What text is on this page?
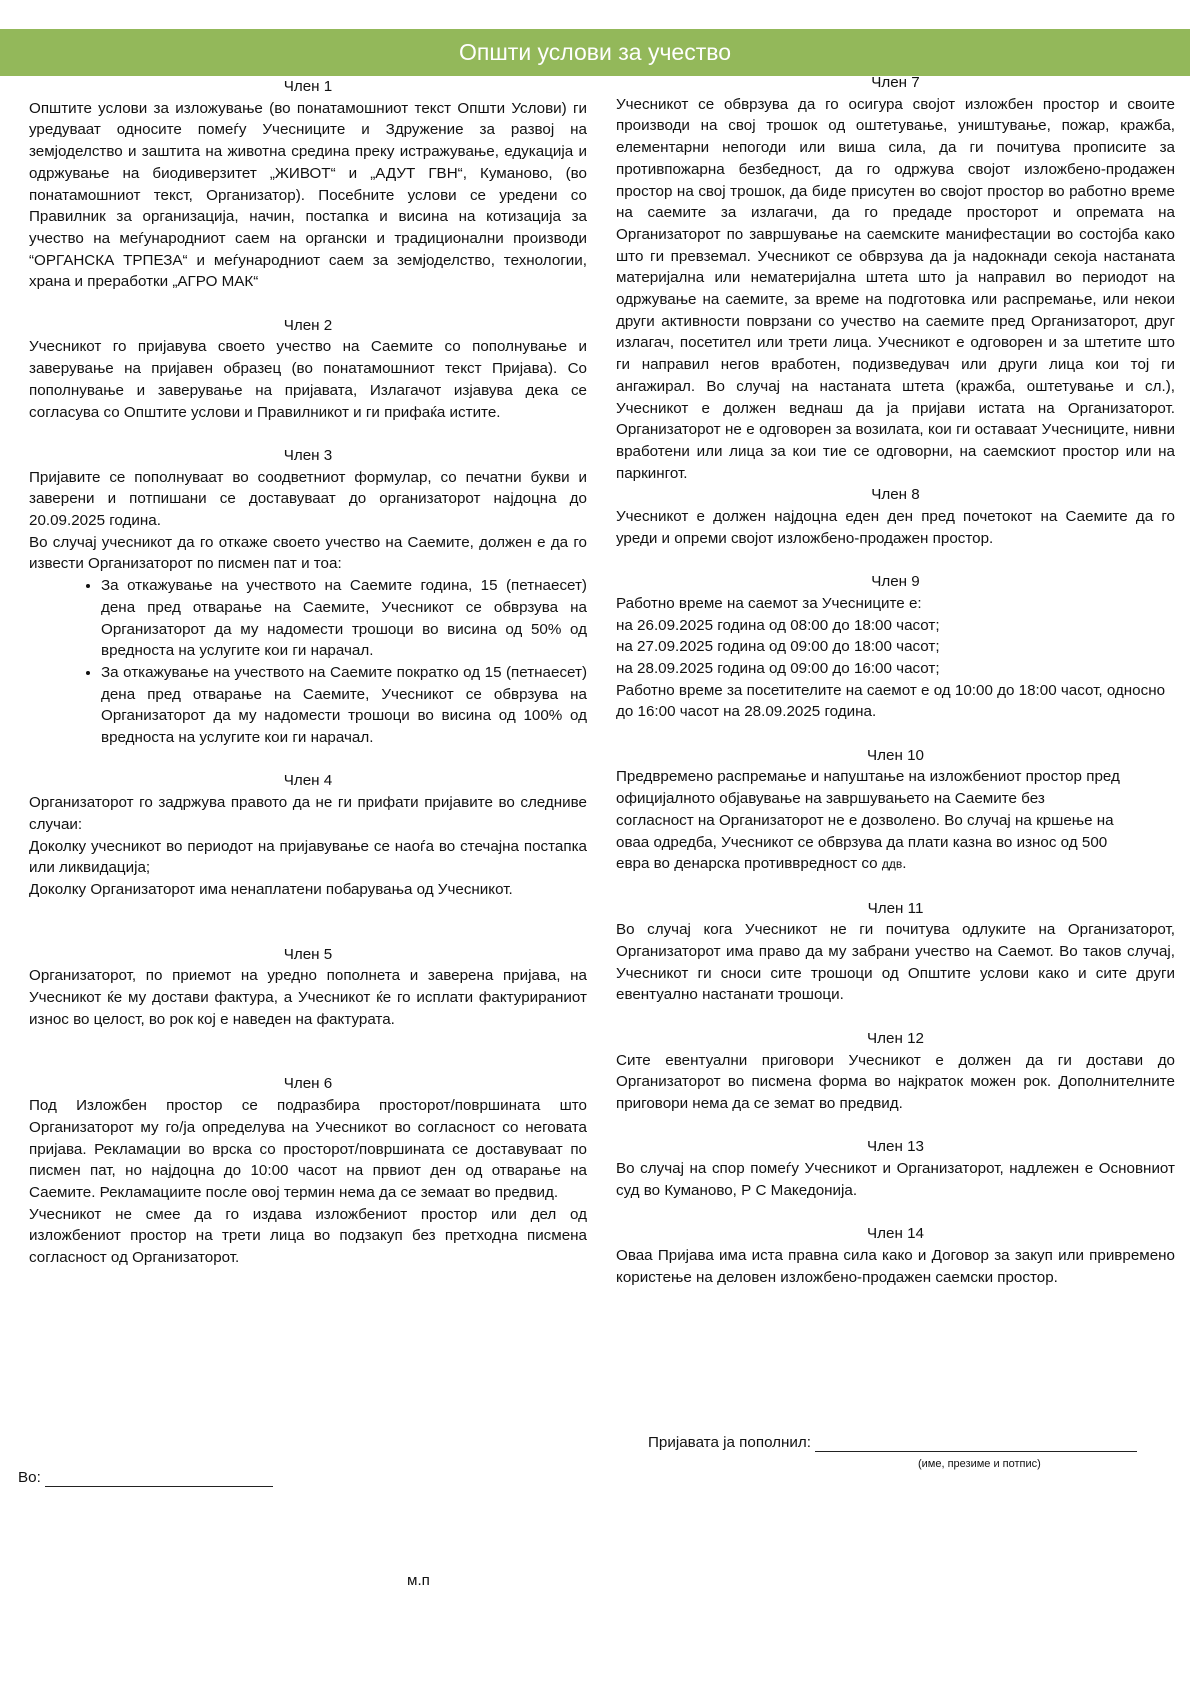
Општи услови за учество
Член 1

Општите услови за изложување (во понатамошниот текст Општи Услови) ги уредуваат односите помеѓу Учесниците и Здружение за развој на земјоделство и заштита на животна средина преку истражување, едукација и одржување на биодиверзитет „ЖИВОТ“ и „АДУТ ГВН“, Куманово, (во понатамошниот текст, Организатор). Посебните услови се уредени со Правилник за организација, начин, постапка и висина на котизација за учество на меѓународниот саем на органски и традиционални производи “ОРГАНСКА ТРПЕЗА“ и меѓународниот саем за земјоделство, технологии, храна и преработки „АГРО МАК“

Член 2

Учесникот го пријавува своето учество на Саемите со пополнување и заверување на пријавен образец (во понатамошниот текст Пријава). Со пополнување и заверување на пријавата, Излагачот изјавува дека се согласува со Општите услови и Правилникот и ги прифаќа истите.

Член 3

Пријавите се пополнуваат во соодветниот формулар, со печатни букви и заверени и потпишани се доставуваат до организаторот најдоцна до 20.09.2025 година.

Во случај учесникот да го откаже своето учество на Саемите, должен е да го извести Организаторот по писмен пат и тоа:

• За откажување на учеството на Саемите година, 15 (петнаесет) дена пред отварање на Саемите, Учесникот се обврзува на Организаторот да му надомести трошоци во висина од 50% од вредноста на услугите кои ги нарачал.
• За откажување на учеството на Саемите пократко од 15 (петнаесет) дена пред отварање на Саемите, Учесникот се обврзува на Организаторот да му надомести трошоци во висина од 100% од вредноста на услугите кои ги нарачал.
Член 4

Организаторот го задржува правото да не ги прифати пријавите во следниве случаи:

Доколку учесникот во периодот на пријавување се наоѓа во стечајна постапка или ликвидација;

Доколку Организаторот има ненаплатени побарувања од Учесникот.

Член 5

Организаторот, по приемот на уредно пополнета и заверена пријава, на Учесникот ќе му достави фактура, а Учесникот ќе го исплати фактурираниот износ во целост, во рок кој е наведен на фактурата.

Член 6

Под Изложбен простор се подразбира просторот/површината што Организаторот му го/ја определува на Учесникот во согласност со неговата пријава. Рекламации во врска со просторот/површината се доставуваат по писмен пат, но најдоцна до 10:00 часот на првиот ден од отварање на Саемите. Рекламациите после овој термин нема да се земаат во предвид.

Учесникот не смее да го издава изложбениот простор или дел од изложбениот простор на трети лица во подзакуп без претходна писмена согласност од Организаторот.

Член 7

Учесникот се обврзува да го осигура својот изложбен простор и своите производи на свој трошок од оштетување, уништување, пожар, кражба, елементарни непогоди или виша сила, да ги почитува прописите за противпожарна безбедност, да го одржува својот изложбено-продажен простор на свој трошок, да биде присутен во својот простор во работно време на саемите за излагачи, да го предаде просторот и опремата на Организаторот по завршување на саемските манифестации во состојба како што ги превземал. Учесникот се обврзува да ја надокнади секоја настаната материјална или нематеријална штета што ја направил во периодот на одржување на саемите, за време на подготовка или распремање, или некои други активности поврзани со учество на саемите пред Организаторот, друг излагач, посетител или трети лица. Учесникот е одговорен и за штетите што ги направил негов вработен, подизведувач или други лица кои тој ги ангажирал. Во случај на настаната штета (кражба, оштетување и сл.), Учесникот е должен веднаш да ја пријави истата на Организаторот. Организаторот не е одговорен за возилата, кои ги оставаат Учесниците, нивни вработени или лица за кои тие се одговорни, на саемскиот простор или на паркингот.

Член 8

Учесникот е должен најдоцна еден ден пред почетокот на Саемите да го уреди и опреми својот изложбено-продажен простор.

Член 9

Работно време на саемот за Учесниците е:

на 26.09.2025 година од 08:00 до 18:00 часот;

на 27.09.2025 година од 09:00 до 18:00 часот;

на 28.09.2025 година од 09:00 до 16:00 часот;

Работно време за посетителите на саемот е од 10:00 до 18:00 часот, односно до 16:00 часот на 28.09.2025 година.

Член 10

Предвремено распремање и напуштање на изложбениот простор пред

официјалното објавување на завршувањето на Саемите без

согласност на Организаторот не е дозволено. Во случај на кршење на

оваа одредба, Учесникот се обврзува да плати казна во износ од 500

евра во денарска противвредност со ддв.

Член 11

Во случај кога Учесникот не ги почитува одлуките на Организаторот, Организаторот има право да му забрани учество на Саемот. Во таков случај, Учесникот ги сноси сите трошоци од Општите услови како и сите други евентуално настанати трошоци.

Член 12

Сите евентуални приговори Учесникот е должен да ги достави до Организаторот во писмена форма во најкраток можен рок. Дополнителните приговори нема да се земат во предвид.

Член 13

Во случај на спор помеѓу Учесникот и Организаторот, надлежен е Основниот суд во Куманово, Р С Македонија.

Член 14

Оваа Пријава има иста правна сила како и Договор за закуп или привремено користење на деловен изложбено-продажен саемски простор.

Пријавата ја пополнил:
(име, презиме и потпис)
Во:
м.п
